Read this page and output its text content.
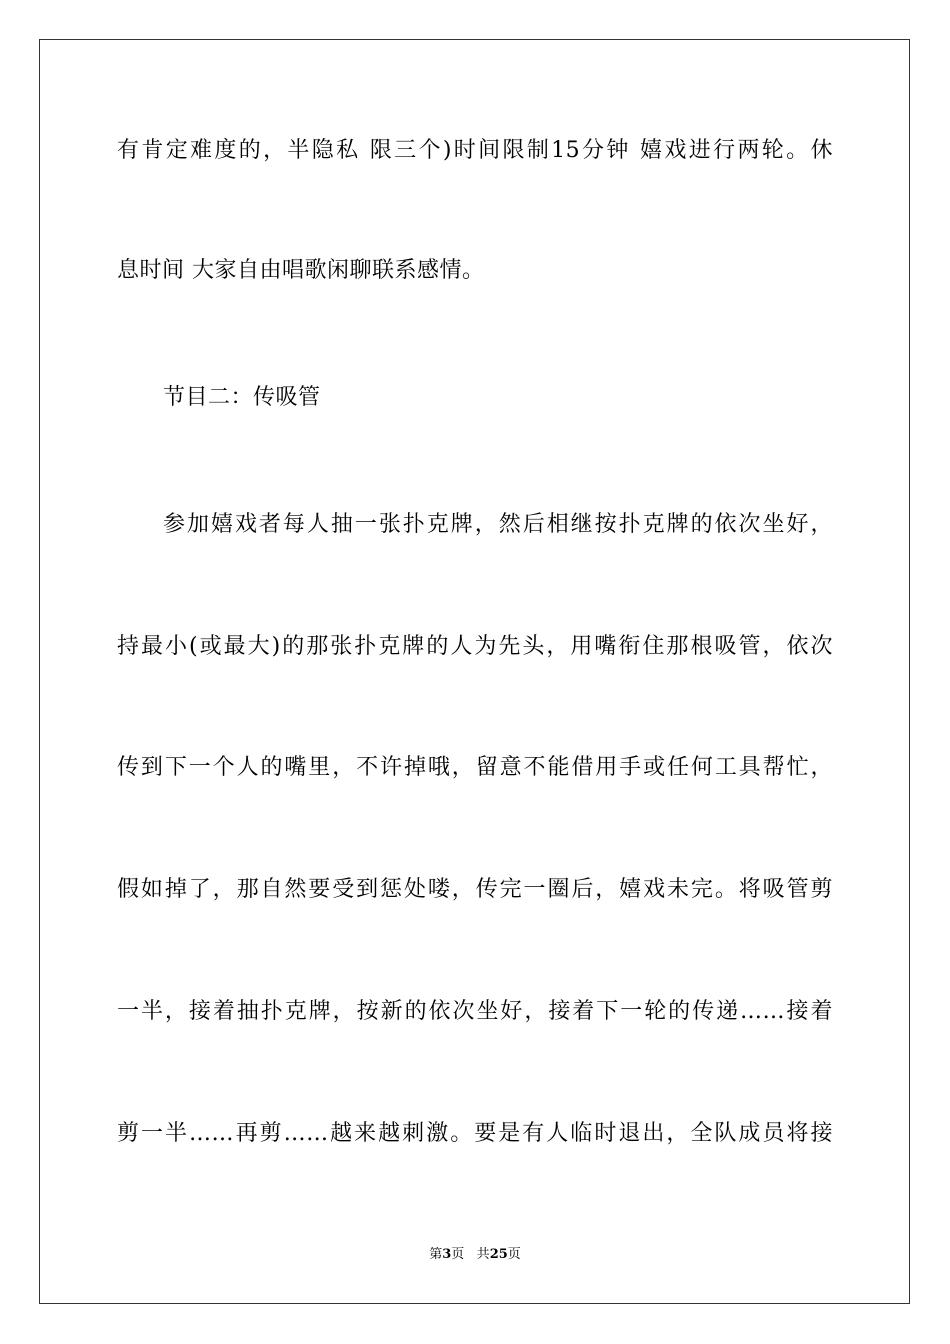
有肯定难度的，半隐私 限三个)时间限制15分钟 嬉戏进行两轮。休
息时间 大家自由唱歌闲聊联系感情。
节目二：传吸管
参加嬉戏者每人抽一张扑克牌，然后相继按扑克牌的依次坐好，
持最小(或最大)的那张扑克牌的人为先头，用嘴衔住那根吸管，依次
传到下一个人的嘴里，不许掉哦，留意不能借用手或任何工具帮忙，
假如掉了，那自然要受到惩处喽，传完一圈后，嬉戏未完。将吸管剪
一半，接着抽扑克牌，按新的依次坐好，接着下一轮的传递……接着
剪一半……再剪……越来越刺激。要是有人临时退出，全队成员将接
第3页 共25页
